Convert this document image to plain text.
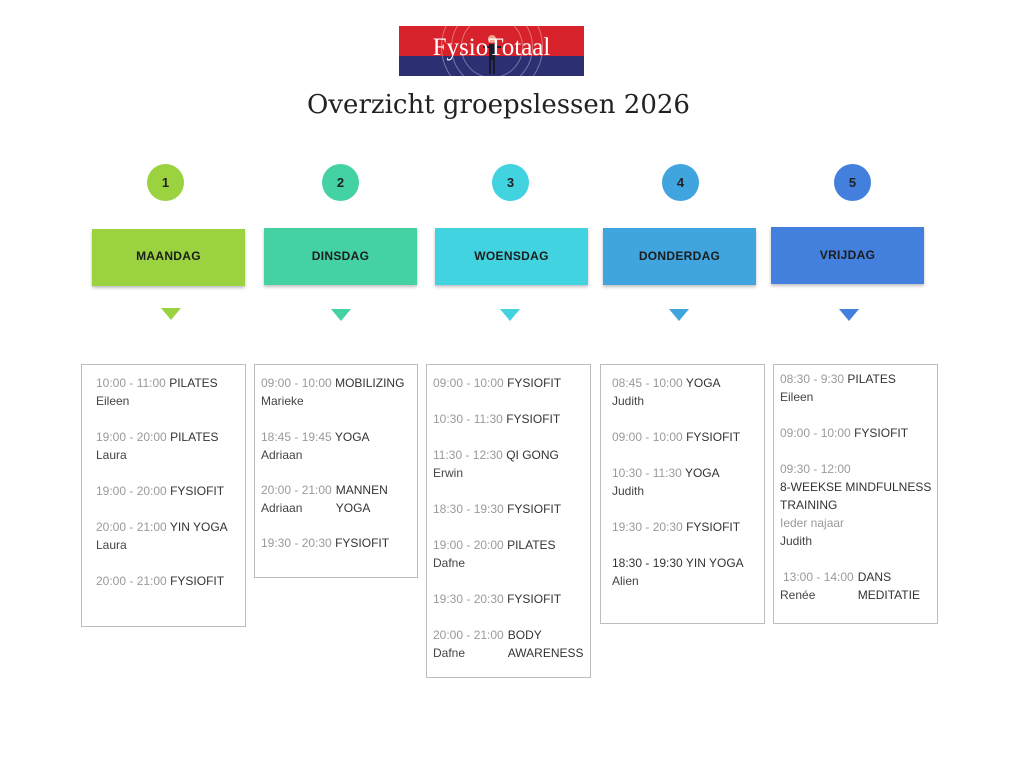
FysioTotaal
Overzicht groepslessen 2026
1	2	3	4	5
MAANDAG	DINSDAG	WOENSDAG	DONDERDAG	VRIJDAG
10:00 - 11:00 PILATES
Eileen
19:00 - 20:00 PILATES
Laura
19:00 - 20:00 FYSIOFIT
20:00 - 21:00 YIN YOGA
Laura
20:00 - 21:00 FYSIOFIT
09:00 - 10:00 MOBILIZING
Marieke
18:45 - 19:45 YOGA
Adriaan
20:00 - 21:00 MANNEN
Adriaan	YOGA
19:30 - 20:30 FYSIOFIT
09:00 - 10:00 FYSIOFIT
10:30 - 11:30 FYSIOFIT
11:30 - 12:30 QI GONG
Erwin
18:30 - 19:30 FYSIOFIT
19:00 - 20:00 PILATES
Dafne
19:30 - 20:30 FYSIOFIT
20:00 - 21:00 BODY
Dafne	AWARENESS
08:45 - 10:00 YOGA
Judith
09:00 - 10:00 FYSIOFIT
10:30 - 11:30 YOGA
Judith
19:30 - 20:30 FYSIOFIT
18:30 - 19:30 YIN YOGA
Alien
08:30 - 9:30 PILATES
Eileen
09:00 - 10:00 FYSIOFIT
09:30 - 12:00
8-WEEKSE MINDFULNESS
TRAINING
Ieder najaar
Judith
13:00 - 14:00 DANS
Renée	MEDITATIE
